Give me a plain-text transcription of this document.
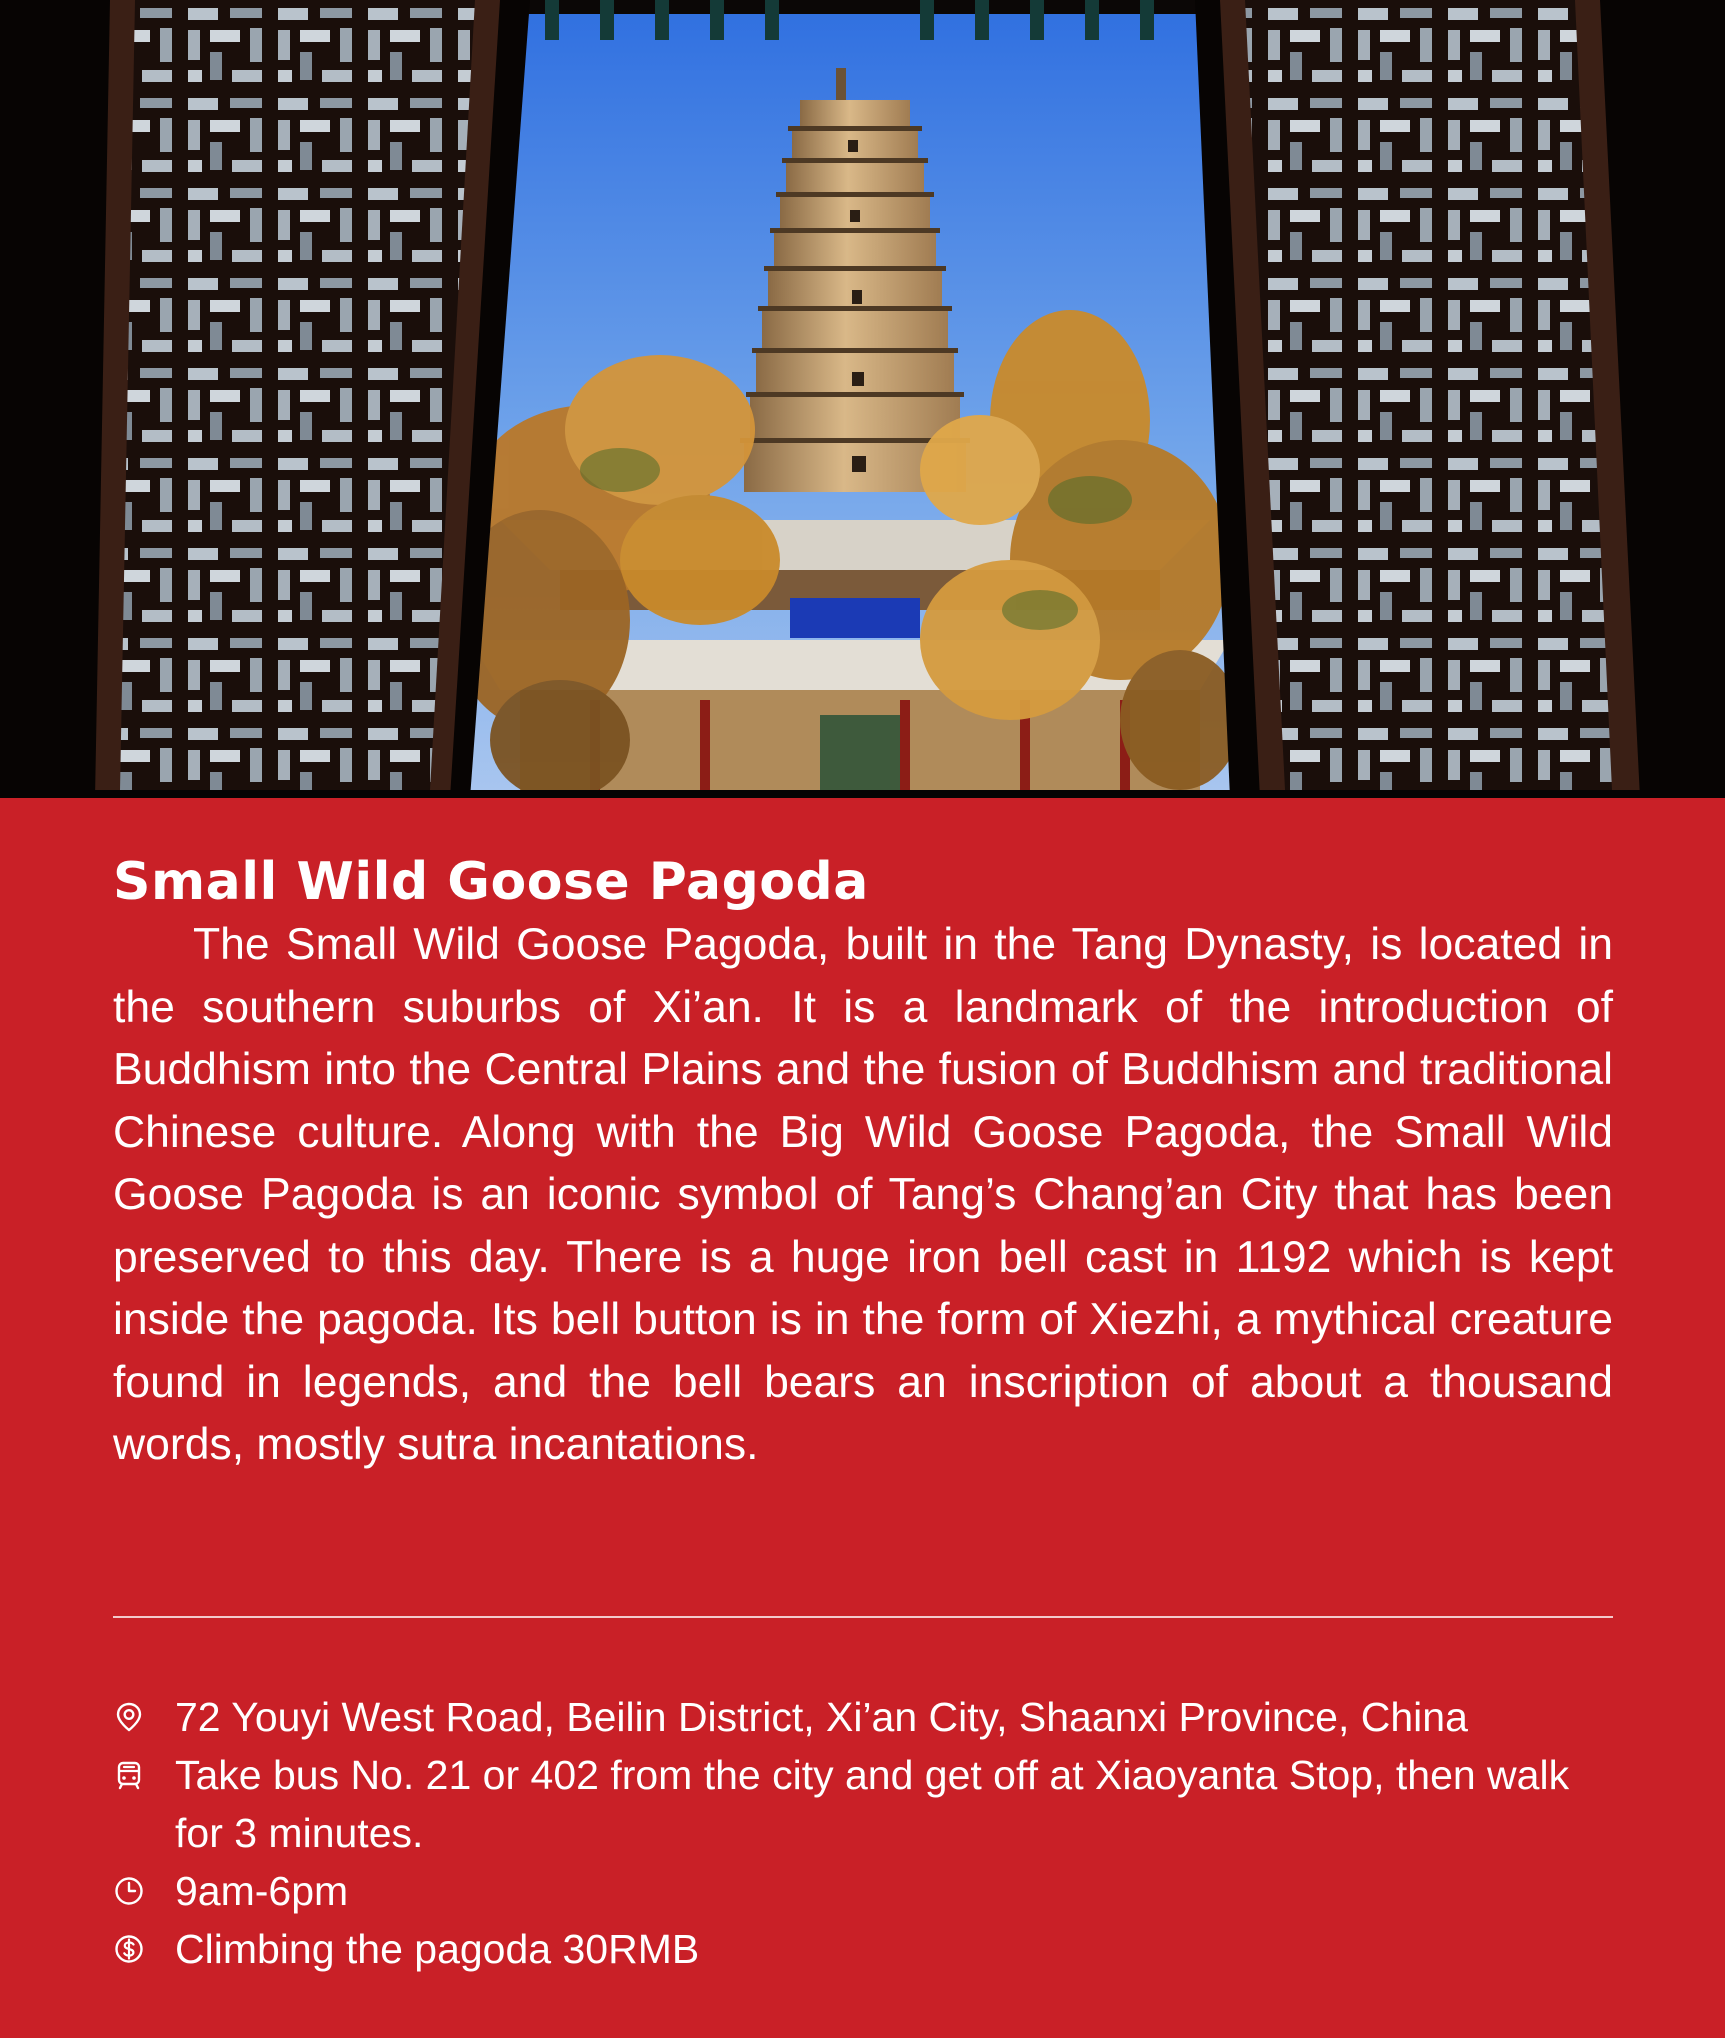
Small Wild Goose Pagoda

The Small Wild Goose Pagoda, built in the Tang Dynasty, is located in the southern suburbs of Xi’an. It is a landmark of the introduction of Buddhism into the Central Plains and the fusion of Buddhism and traditional Chinese culture. Along with the Big Wild Goose Pagoda, the Small Wild Goose Pagoda is an iconic symbol of Tang’s Chang’an City that has been preserved to this day. There is a huge iron bell cast in 1192 which is kept inside the pagoda. Its bell button is in the form of Xiezhi, a mythical creature found in legends, and the bell bears an inscription of about a thousand words, mostly sutra incantations.

72 Youyi West Road, Beilin District, Xi’an City, Shaanxi Province, China
Take bus No. 21 or 402 from the city and get off at Xiaoyanta Stop, then walk for 3 minutes.
9am-6pm
Climbing the pagoda 30RMB
